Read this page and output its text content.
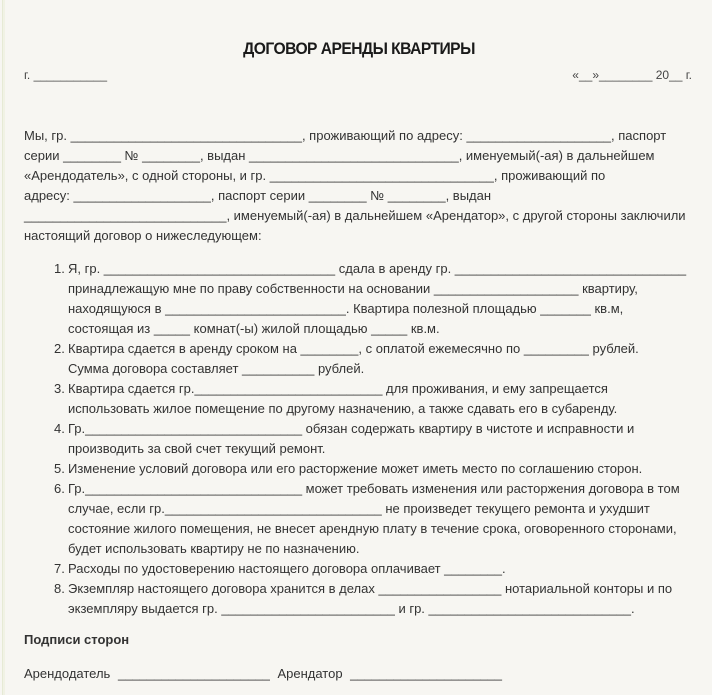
ДОГОВОР АРЕНДЫ КВАРТИРЫ
г. ___________	«__»________ 20__ г.
Мы, гр. ________________________________, проживающий по адресу: ____________________, паспорт
серии ________ № ________, выдан _____________________________, именуемый(-ая) в дальнейшем
«Арендодатель», с одной стороны, и гр. _______________________________, проживающий по
адресу: ___________________, паспорт серии ________ № ________, выдан
____________________________, именуемый(-ая) в дальнейшем «Арендатор», с другой стороны заключили
настоящий договор о нижеследующем:
1. Я, гр. ________________________________ сдала в аренду гр. ________________________________
принадлежащую мне по праву собственности на основании ____________________ квартиру,
находящуюся в _________________________. Квартира полезной площадью _______ кв.м,
состоящая из _____ комнат(-ы) жилой площадью _____ кв.м.
2. Квартира сдается в аренду сроком на ________, с оплатой ежемесячно по _________ рублей.
Сумма договора составляет __________ рублей.
3. Квартира сдается гр.__________________________ для проживания, и ему запрещается
использовать жилое помещение по другому назначению, а также сдавать его в субаренду.
4. Гр.______________________________ обязан содержать квартиру в чистоте и исправности и
производить за свой счет текущий ремонт.
5. Изменение условий договора или его расторжение может иметь место по соглашению сторон.
6. Гр.______________________________ может требовать изменения или расторжения договора в том
случае, если гр.______________________________ не произведет текущего ремонта и ухудшит
состояние жилого помещения, не внесет арендную плату в течение срока, оговоренного сторонами,
будет использовать квартиру не по назначению.
7. Расходы по удостоверению настоящего договора оплачивает ________.
8. Экземпляр настоящего договора хранится в делах _________________ нотариальной конторы и по
экземпляру выдается гр. ________________________ и гр. ____________________________.
Подписи сторон
Арендодатель _____________________ Арендатор _____________________
